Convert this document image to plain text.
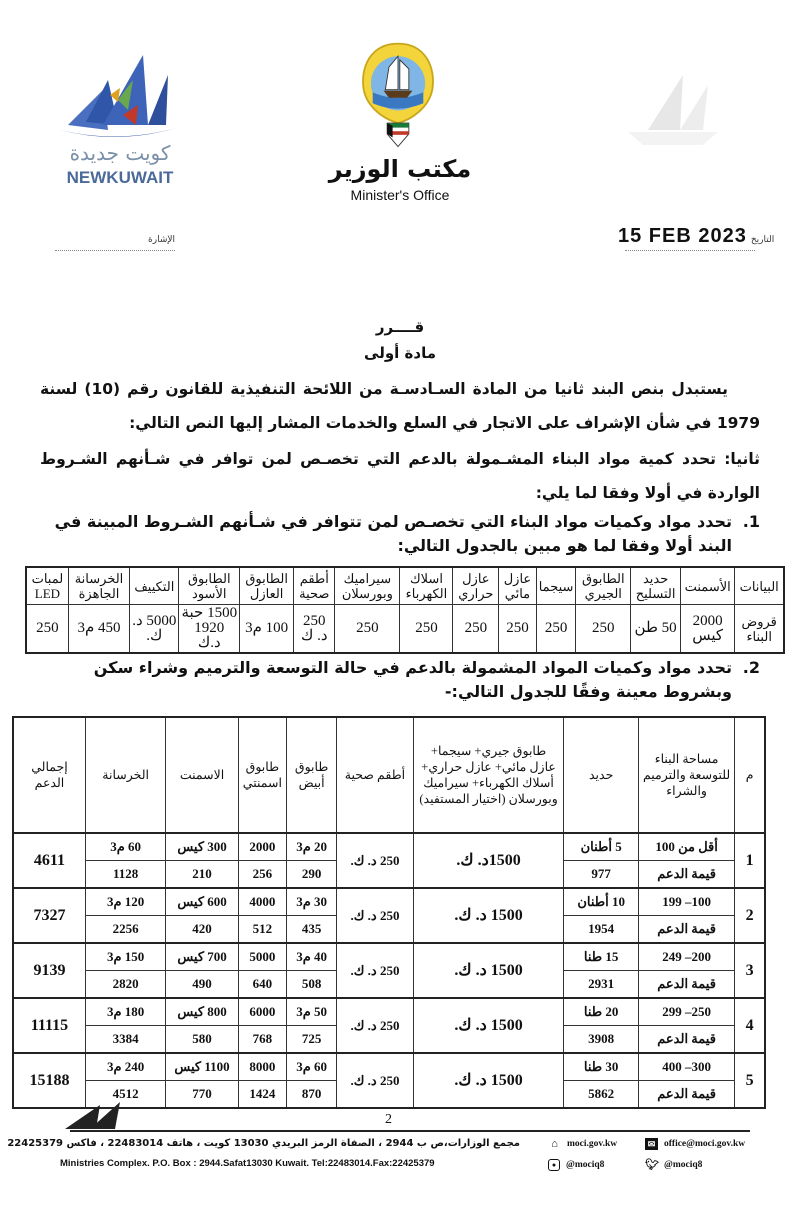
كويت جديدة
NEWKUWAIT	مكتب الوزير
Minister's Office
الإشارة	15 FEB 2023 التاريخ
قــــرر
مادة أولى
يستبدل بنص البند ثانيا من المادة السـادسـة من اللائحة التنفيذية للقانون رقم (10) لسنة 1979 في شأن الإشراف على الاتجار في السلع والخدمات المشار إليها النص التالي:
ثانيا: تحدد كمية مواد البناء المشـمولة بالدعم التي تخصـص لمن توافر في شـأنهم الشـروط الواردة في أولا وفقا لما يلي:
1.
تحدد مواد وكميات مواد البناء التي تخصـص لمن تتوافر في شـأنهم الشـروط المبينة في البند أولا وفقا لما هو مبين بالجدول التالي:
البيانات	الأسمنت	حديد التسليح	الطابوق الجيري	سيجما	عازل مائي	عازل حراري	اسلاك الكهرباء	سيراميك وبورسلان	أطقم صحية	الطابوق العازل	الطابوق الأسود	التكييف	الخرسانة الجاهزة	لمبات LED
قروض البناء	2000 كيس	50 طن	250	250	250	250	250	250	250 د. ك	100 م3	1500 حبة 1920 د.ك	5000 د. ك.	450 م3	250
2.
تحدد مواد وكميات المواد المشمولة بالدعم في حالة التوسعة والترميم وشراء سكن وبشروط معينة وفقًا للجدول التالي:-
م	مساحة البناء للتوسعة والترميم والشراء	حديد	طابوق جيري+ سيجما+ عازل مائي+ عازل حراري+ أسلاك الكهرباء+ سيراميك وبورسلان (اختيار المستفيد)	أطقم صحية	طابوق أبيض	طابوق اسمنتي	الاسمنت	الخرسانة	إجمالي الدعم
1	أقل من 100	5 أطنان	1500د. ك.	250 د. ك.	20 م3	2000	300 كيس	60 م3	4611
	قيمة الدعم	977			290	256	210	1128	
2	100– 199	10 أطنان	1500 د. ك.	250 د. ك.	30 م3	4000	600 كيس	120 م3	7327
	قيمة الدعم	1954			435	512	420	2256	
3	200– 249	15 طنا	1500 د. ك.	250 د. ك.	40 م3	5000	700 كيس	150 م3	9139
	قيمة الدعم	2931			508	640	490	2820	
4	250– 299	20 طنا	1500 د. ك.	250 د. ك.	50 م3	6000	800 كيس	180 م3	11115
	قيمة الدعم	3908			725	768	580	3384	
5	300– 400	30 طنا	1500 د. ك.	250 د. ك.	60 م3	8000	1100 كيس	240 م3	15188
	قيمة الدعم	5862			870	1424	770	4512	
2
مجمع الوزارات،ص ب 2944 ، الصفاة الرمز البريدي 13030 كويت ، هاتف 22483014 ، فاكس 22425379
Ministries Complex. P.O. Box : 2944.Safat13030 Kuwait. Tel:22483014.Fax:22425379
⌂ moci.gov.kw	✉ office@moci.gov.kw
●	@mociq8	🐦︎ @mociq8
